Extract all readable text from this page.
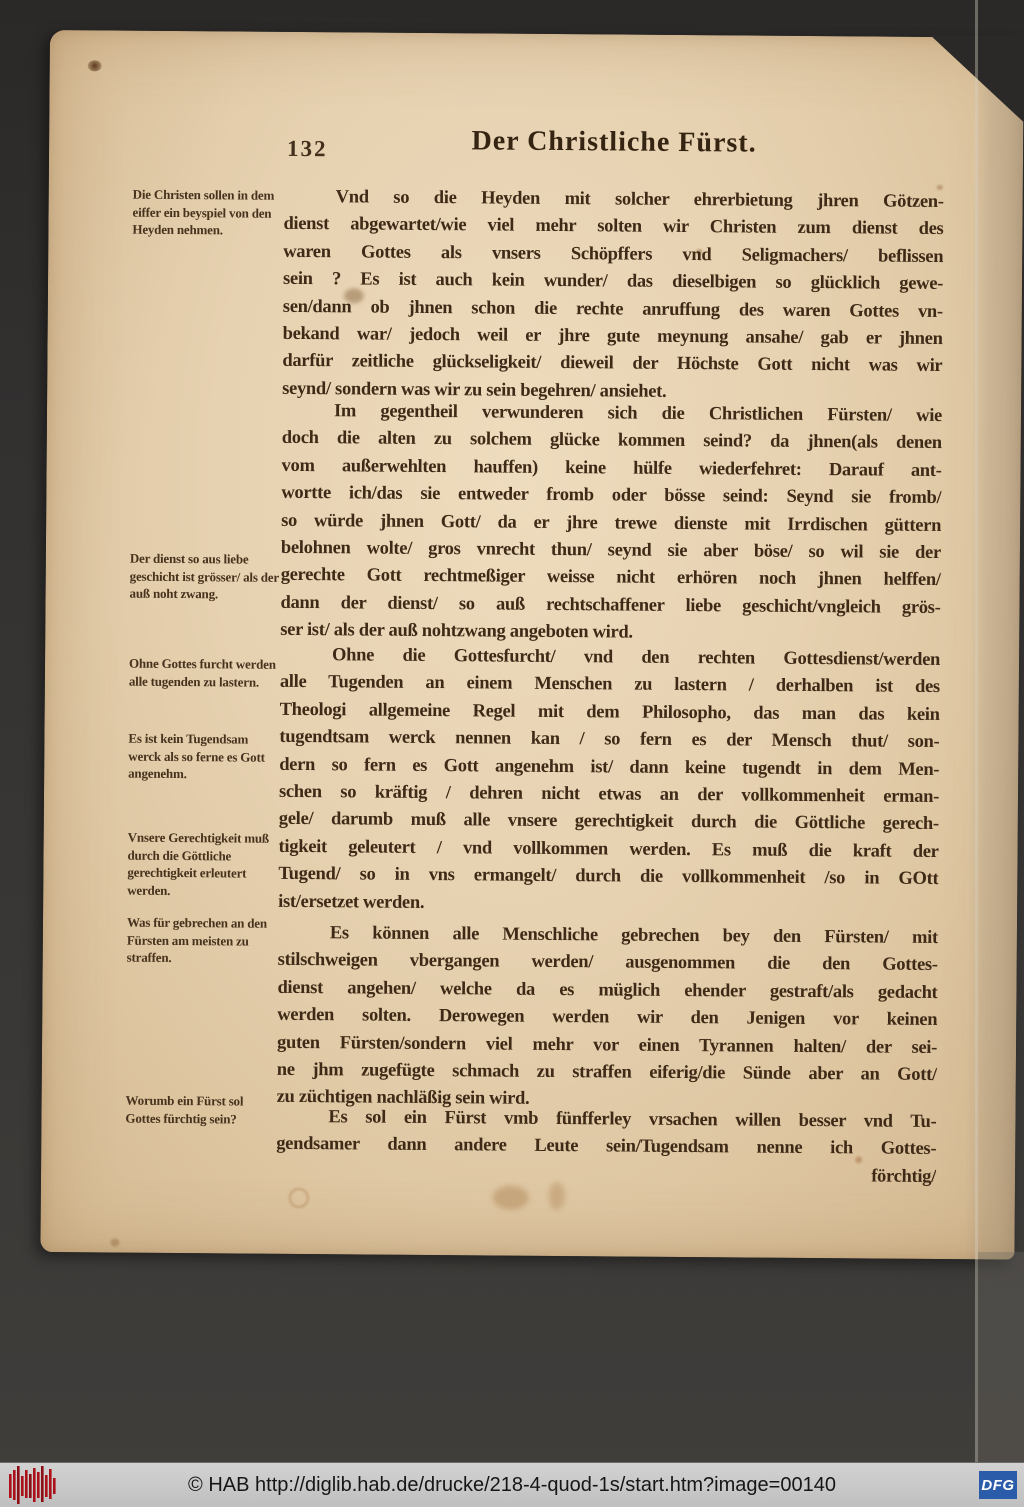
132	Der Christliche Fürst.
Die Christen sollen in dem eiffer ein beyspiel von den Heyden nehmen.
Der dienst so aus liebe geschicht ist grösser/ als der auß noht zwang.
Ohne Gottes furcht werden alle tugenden zu lastern.
Es ist kein Tugendsam werck als so ferne es Gott angenehm.
Vnsere Gerechtigkeit muß durch die Göttliche gerechtigkeit erleutert werden.
Was für gebrechen an den Fürsten am meisten zu straffen.
Worumb ein Fürst sol Gottes fürchtig sein?
Vnd so die Heyden mit solcher ehrerbietung jhren Götzen-
dienst abgewartet/wie viel mehr solten wir Christen zum dienst des
waren Gottes als vnsers Schöpffers vnd Seligmachers/ beflissen
sein ? Es ist auch kein wunder/ das dieselbigen so glücklich gewe-
sen/dann ob jhnen schon die rechte anruffung des waren Gottes vn-
bekand war/ jedoch weil er jhre gute meynung ansahe/ gab er jhnen
darfür zeitliche glückseligkeit/ dieweil der Höchste Gott nicht was wir
seynd/ sondern was wir zu sein begehren/ ansiehet.
Im gegentheil verwunderen sich die Christlichen Fürsten/ wie
doch die alten zu solchem glücke kommen seind? da jhnen(als denen
vom außerwehlten hauffen) keine hülfe wiederfehret: Darauf ant-
wortte ich/das sie entweder fromb oder bösse seind: Seynd sie fromb/
so würde jhnen Gott/ da er jhre trewe dienste mit Irrdischen güttern
belohnen wolte/ gros vnrecht thun/ seynd sie aber böse/ so wil sie der
gerechte Gott rechtmeßiger weisse nicht erhören noch jhnen helffen/
dann der dienst/ so auß rechtschaffener liebe geschicht/vngleich grös-
ser ist/ als der auß nohtzwang angeboten wird.
Ohne die Gottesfurcht/ vnd den rechten Gottesdienst/werden
alle Tugenden an einem Menschen zu lastern / derhalben ist des
Theologi allgemeine Regel mit dem Philosopho, das man das kein
tugendtsam werck nennen kan / so fern es der Mensch thut/ son-
dern so fern es Gott angenehm ist/ dann keine tugendt in dem Men-
schen so kräftig / dehren nicht etwas an der vollkommenheit erman-
gele/ darumb muß alle vnsere gerechtigkeit durch die Göttliche gerech-
tigkeit geleutert / vnd vollkommen werden. Es muß die kraft der
Tugend/ so in vns ermangelt/ durch die vollkommenheit /so in GOtt
ist/ersetzet werden.
Es können alle Menschliche gebrechen bey den Fürsten/ mit
stilschweigen vbergangen werden/ ausgenommen die den Gottes-
dienst angehen/ welche da es müglich ehender gestraft/als gedacht
werden solten. Derowegen werden wir den Jenigen vor keinen
guten Fürsten/sondern viel mehr vor einen Tyrannen halten/ der sei-
ne jhm zugefügte schmach zu straffen eiferig/die Sünde aber an Gott/
zu züchtigen nachläßig sein wird.
Es sol ein Fürst vmb fünfferley vrsachen willen besser vnd Tu-
gendsamer dann andere Leute sein/Tugendsam nenne ich Gottes-
förchtig/
© HAB http://diglib.hab.de/drucke/218-4-quod-1s/start.htm?image=00140	DFG
